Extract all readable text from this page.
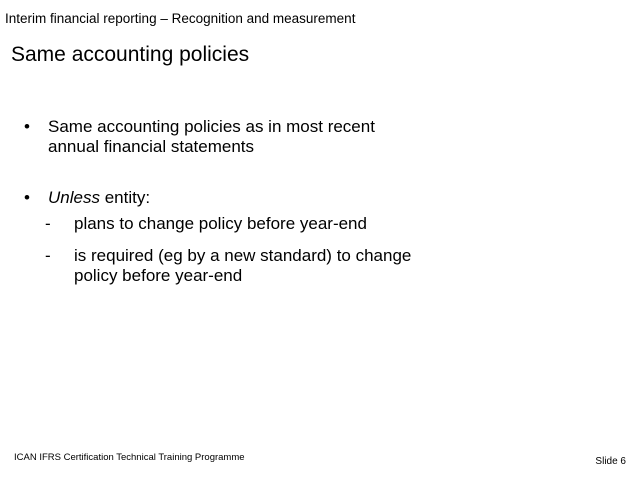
Interim financial reporting – Recognition and measurement
Same accounting policies
• Same accounting policies as in most recent
annual financial statements
• Unless entity:
- plans to change policy before year-end
- is required (eg by a new standard) to change
policy before year-end
ICAN IFRS Certification Technical Training Programme	Slide 6
